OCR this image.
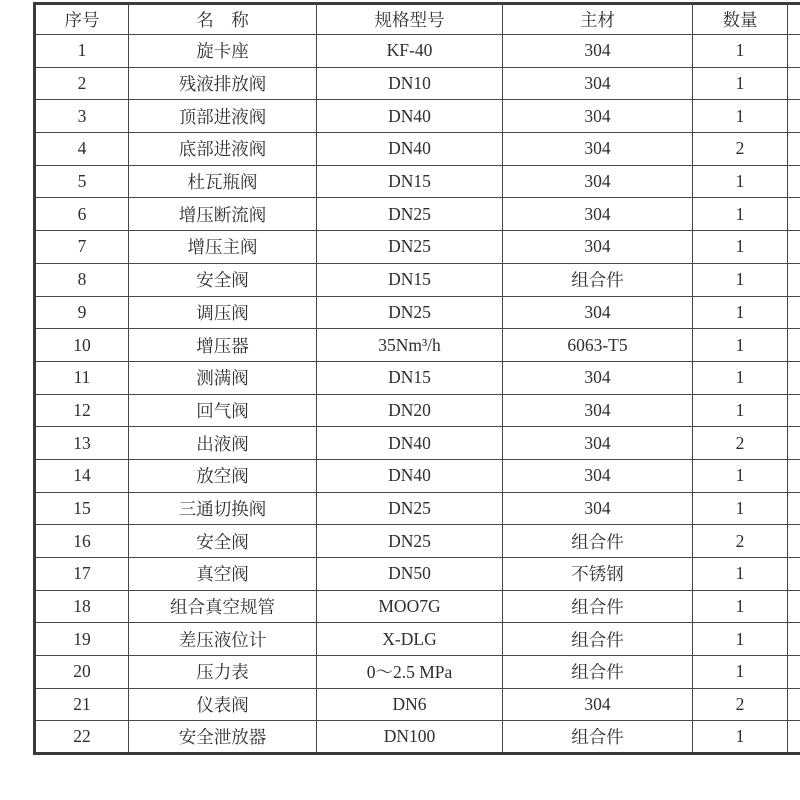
序号	名　称	规格型号	主材	数量	
1	旋卡座	KF-40	304	1	
2	残液排放阀	DN10	304	1	
3	顶部进液阀	DN40	304	1	
4	底部进液阀	DN40	304	2	
5	杜瓦瓶阀	DN15	304	1	
6	增压断流阀	DN25	304	1	
7	增压主阀	DN25	304	1	
8	安全阀	DN15	组合件	1	
9	调压阀	DN25	304	1	
10	增压器	35Nm³/h	6063-T5	1	
11	测满阀	DN15	304	1	
12	回气阀	DN20	304	1	
13	出液阀	DN40	304	2	
14	放空阀	DN40	304	1	
15	三通切换阀	DN25	304	1	
16	安全阀	DN25	组合件	2	
17	真空阀	DN50	不锈钢	1	
18	组合真空规管	MOO7G	组合件	1	
19	差压液位计	X-DLG	组合件	1	
20	压力表	0～2.5 MPa	组合件	1	
21	仪表阀	DN6	304	2	
22	安全泄放器	DN100	组合件	1	
